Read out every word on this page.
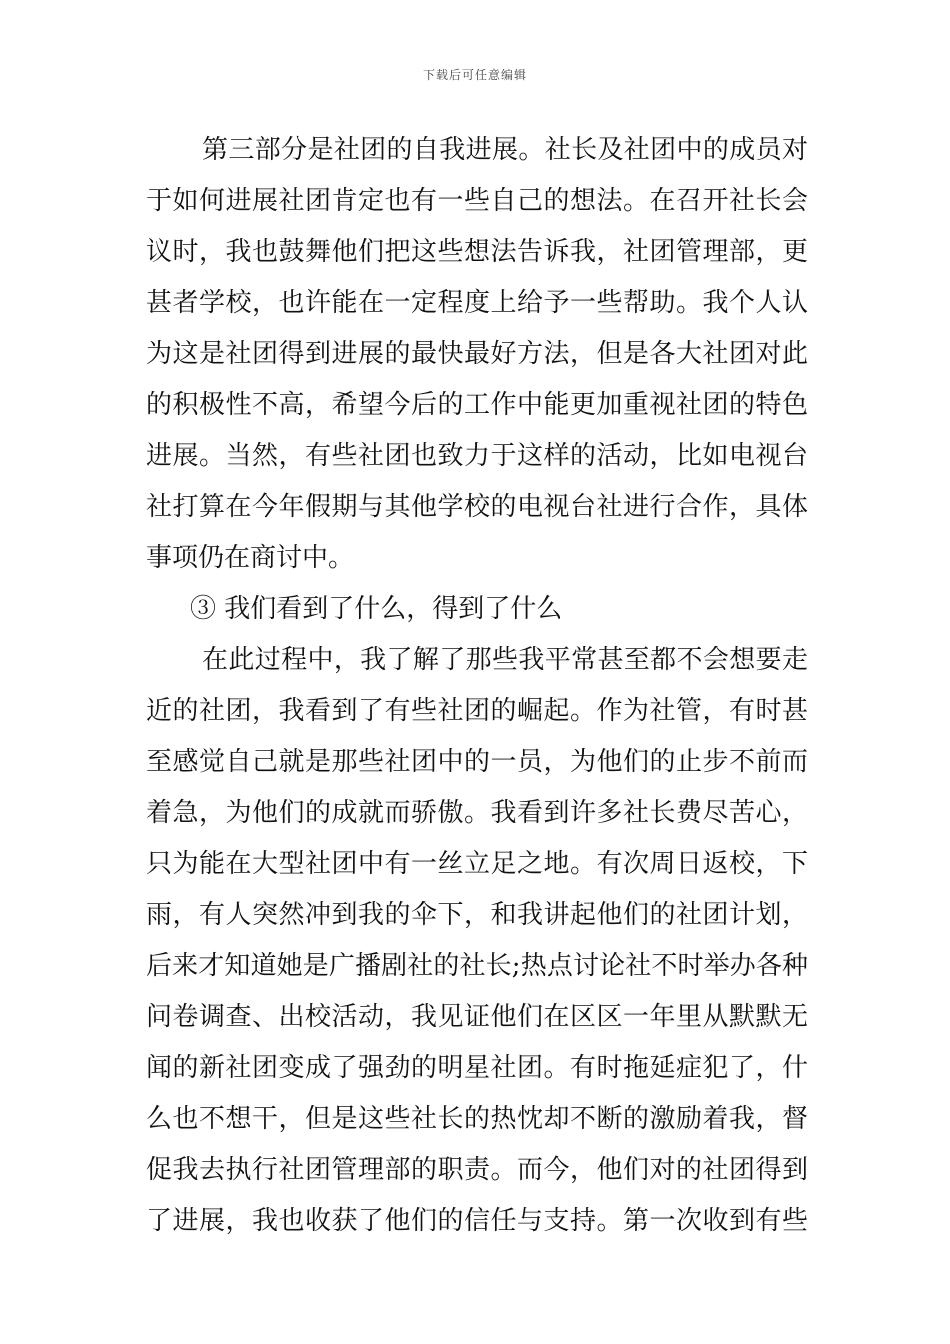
下载后可任意编辑
第三部分是社团的自我进展。社长及社团中的成员对
于如何进展社团肯定也有一些自己的想法。在召开社长会
议时，我也鼓舞他们把这些想法告诉我，社团管理部，更
甚者学校，也许能在一定程度上给予一些帮助。我个人认
为这是社团得到进展的最快最好方法，但是各大社团对此
的积极性不高，希望今后的工作中能更加重视社团的特色
进展。当然，有些社团也致力于这样的活动，比如电视台
社打算在今年假期与其他学校的电视台社进行合作，具体
事项仍在商讨中。
③ 我们看到了什么，得到了什么
在此过程中，我了解了那些我平常甚至都不会想要走
近的社团，我看到了有些社团的崛起。作为社管，有时甚
至感觉自己就是那些社团中的一员，为他们的止步不前而
着急，为他们的成就而骄傲。我看到许多社长费尽苦心，
只为能在大型社团中有一丝立足之地。有次周日返校，下
雨，有人突然冲到我的伞下，和我讲起他们的社团计划，
后来才知道她是广播剧社的社长;热点讨论社不时举办各种
问卷调查、出校活动，我见证他们在区区一年里从默默无
闻的新社团变成了强劲的明星社团。有时拖延症犯了，什
么也不想干，但是这些社长的热忱却不断的激励着我，督
促我去执行社团管理部的职责。而今，他们对的社团得到
了进展，我也收获了他们的信任与支持。第一次收到有些
